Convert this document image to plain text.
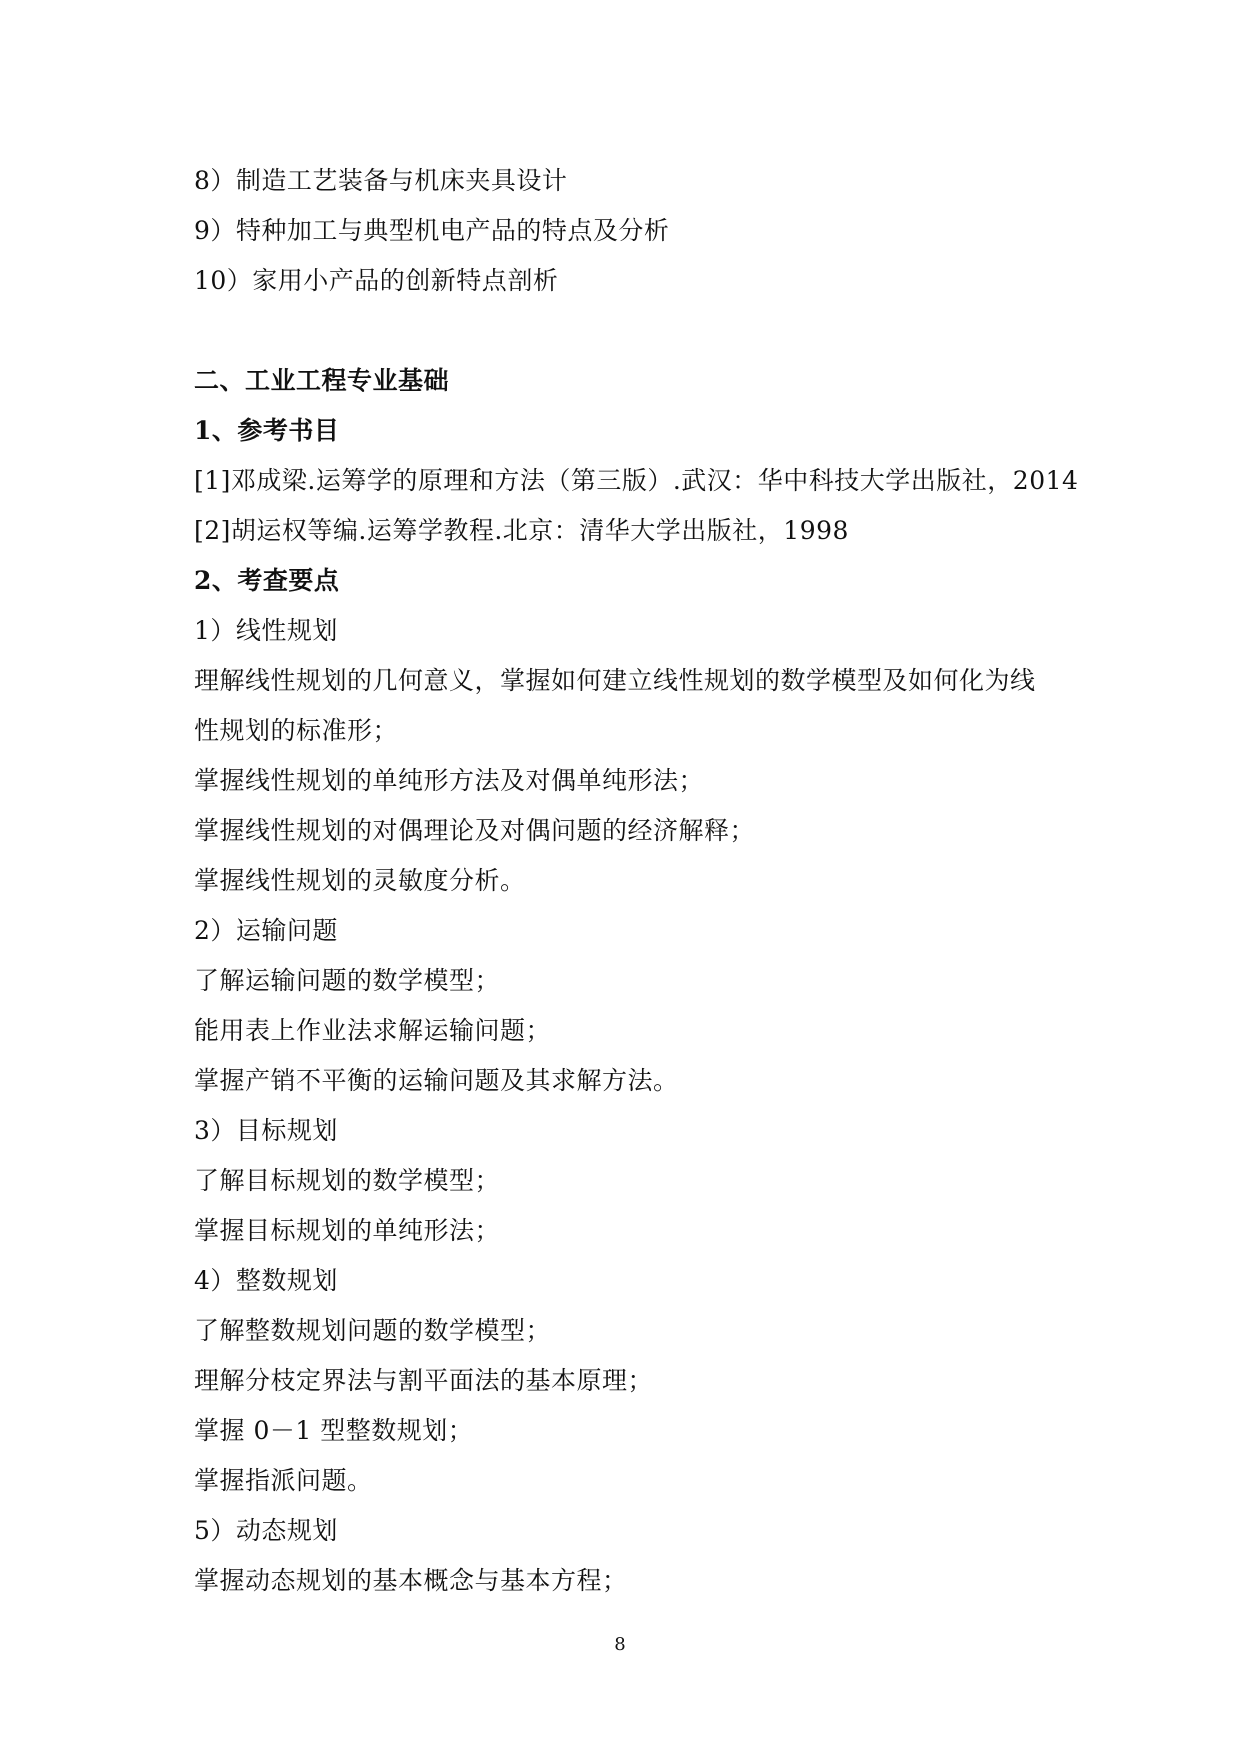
8）制造工艺装备与机床夹具设计
9）特种加工与典型机电产品的特点及分析
10）家用小产品的创新特点剖析
二、工业工程专业基础
1、参考书目
[1]邓成梁.运筹学的原理和方法（第三版）.武汉：华中科技大学出版社，2014
[2]胡运权等编.运筹学教程.北京：清华大学出版社，1998
2、考查要点
1）线性规划
理解线性规划的几何意义，掌握如何建立线性规划的数学模型及如何化为线
性规划的标准形；
掌握线性规划的单纯形方法及对偶单纯形法；
掌握线性规划的对偶理论及对偶问题的经济解释；
掌握线性规划的灵敏度分析。
2）运输问题
了解运输问题的数学模型；
能用表上作业法求解运输问题；
掌握产销不平衡的运输问题及其求解方法。
3）目标规划
了解目标规划的数学模型；
掌握目标规划的单纯形法；
4）整数规划
了解整数规划问题的数学模型；
理解分枝定界法与割平面法的基本原理；
掌握 0－1 型整数规划；
掌握指派问题。
5）动态规划
掌握动态规划的基本概念与基本方程；
8
